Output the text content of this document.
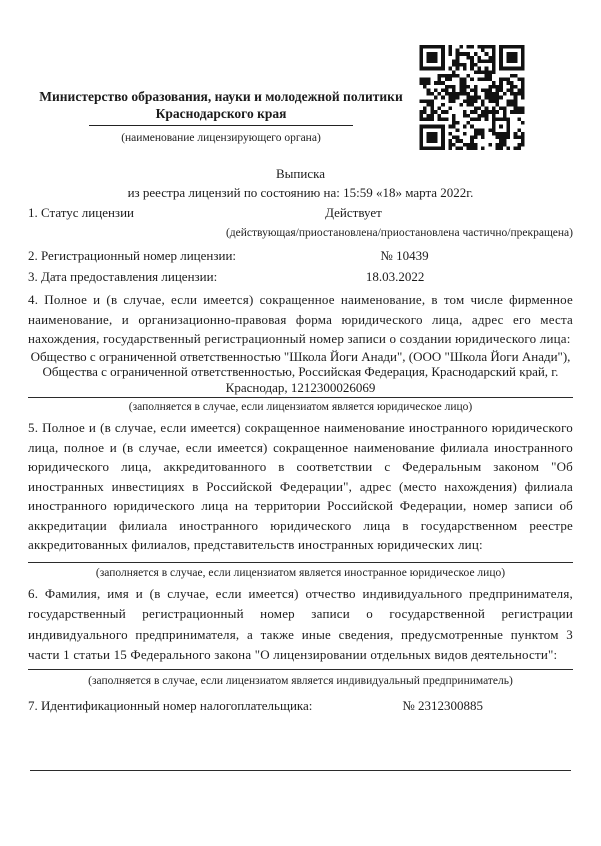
Министерство образования, науки и молодежной политики
Краснодарского края
(наименование лицензирующего органа)
Выписка
из реестра лицензий по состоянию на: 15:59 «18» марта 2022г.
1. Статус лицензии	Действует
(действующая/приостановлена/приостановлена частично/прекращена)
2. Регистрационный номер лицензии:	№ 10439
3. Дата предоставления лицензии:	18.03.2022
4. Полное и (в случае, если имеется) сокращенное наименование, в том числе фирменное наименование, и организационно-правовая форма юридического лица, адрес его места нахождения, государственный регистрационный номер записи о создании юридического лица:
Общество с ограниченной ответственностью "Школа Йоги Анади", (ООО "Школа Йоги Анади"), Общества с ограниченной ответственностью, Российская Федерация, Краснодарский край, г. Краснодар, 1212300026069
(заполняется в случае, если лицензиатом является юридическое лицо)
5. Полное и (в случае, если имеется) сокращенное наименование иностранного юридического лица, полное и (в случае, если имеется) сокращенное наименование филиала иностранного юридического лица, аккредитованного в соответствии с Федеральным законом "Об иностранных инвестициях в Российской Федерации", адрес (место нахождения) филиала иностранного юридического лица на территории Российской Федерации, номер записи об аккредитации филиала иностранного юридического лица в государственном реестре аккредитованных филиалов, представительств иностранных юридических лиц:
(заполняется в случае, если лицензиатом является иностранное юридическое лицо)
6. Фамилия, имя и (в случае, если имеется) отчество индивидуального предпринимателя, государственный регистрационный номер записи о государственной регистрации индивидуального предпринимателя, а также иные сведения, предусмотренные пунктом 3 части 1 статьи 15 Федерального закона "О лицензировании отдельных видов деятельности":
(заполняется в случае, если лицензиатом является индивидуальный предприниматель)
7. Идентификационный номер налогоплательщика:	№ 2312300885
